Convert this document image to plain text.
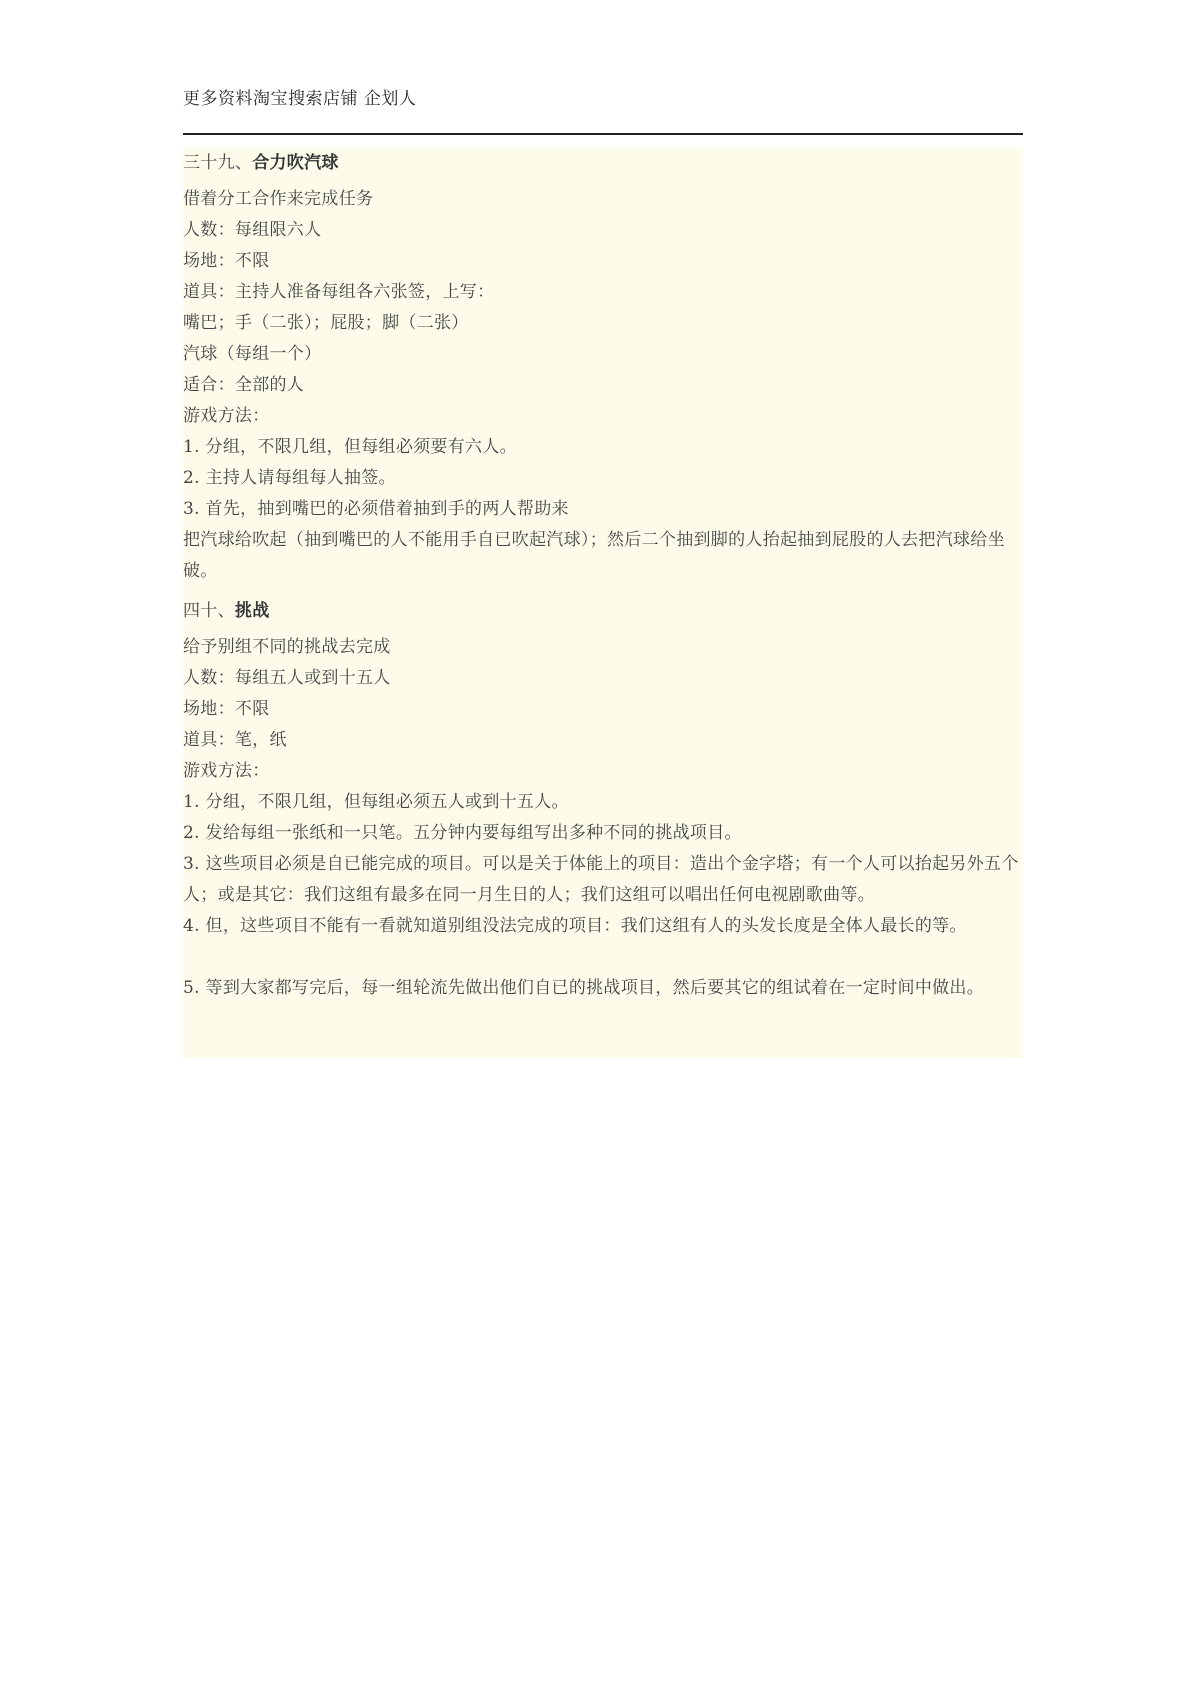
更多资料淘宝搜索店铺 企划人
三十九、合力吹汽球
借着分工合作来完成任务
人数：每组限六人
场地：不限
道具：主持人准备每组各六张签，上写：
嘴巴；手（二张）；屁股；脚（二张）
汽球（每组一个）
适合：全部的人
游戏方法：
1. 分组，不限几组，但每组必须要有六人。
2. 主持人请每组每人抽签。
3. 首先，抽到嘴巴的必须借着抽到手的两人帮助来
把汽球给吹起（抽到嘴巴的人不能用手自已吹起汽球）；然后二个抽到脚的人抬起抽到屁股的人去把汽球给坐破。
四十、挑战
给予别组不同的挑战去完成
人数：每组五人或到十五人
场地：不限
道具：笔，纸
游戏方法：
1. 分组，不限几组，但每组必须五人或到十五人。
2. 发给每组一张纸和一只笔。五分钟内要每组写出多种不同的挑战项目。
3. 这些项目必须是自已能完成的项目。可以是关于体能上的项目：造出个金字塔；有一个人可以抬起另外五个人；或是其它：我们这组有最多在同一月生日的人；我们这组可以唱出任何电视剧歌曲等。
4. 但，这些项目不能有一看就知道别组没法完成的项目：我们这组有人的头发长度是全体人最长的等。
5. 等到大家都写完后，每一组轮流先做出他们自已的挑战项目，然后要其它的组试着在一定时间中做出。
